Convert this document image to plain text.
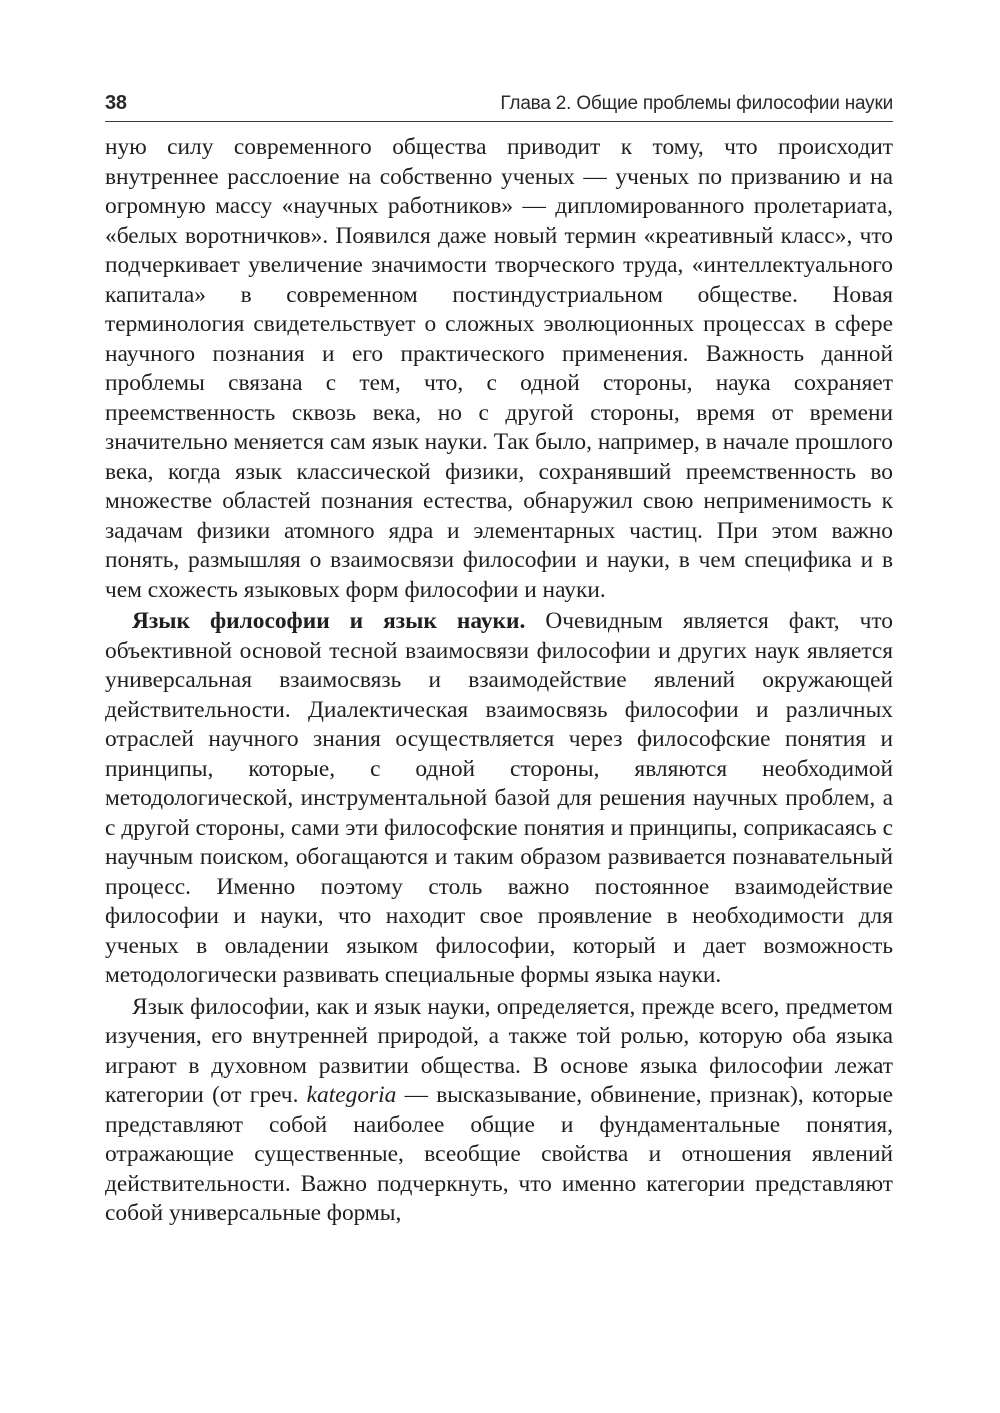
38	Глава 2. Общие проблемы философии науки

ную силу современного общества приводит к тому, что происходит внутреннее расслоение на собственно ученых — ученых по призванию и на огромную массу «научных работников» — дипломированного пролетариата, «белых воротничков». Появился даже новый термин «креативный класс», что подчеркивает увеличение значимости творческого труда, «интеллектуального капитала» в современном постиндустриальном обществе. Новая терминология свидетельствует о сложных эволюционных процессах в сфере научного познания и его практического применения. Важность данной проблемы связана с тем, что, с одной стороны, наука сохраняет преемственность сквозь века, но с другой стороны, время от времени значительно меняется сам язык науки. Так было, например, в начале прошлого века, когда язык классической физики, сохранявший преемственность во множестве областей познания естества, обнаружил свою неприменимость к задачам физики атомного ядра и элементарных частиц. При этом важно понять, размышляя о взаимосвязи философии и науки, в чем специфика и в чем схожесть языковых форм философии и науки.

Язык философии и язык науки. Очевидным является факт, что объективной основой тесной взаимосвязи философии и других наук является универсальная взаимосвязь и взаимодействие явлений окружающей действительности. Диалектическая взаимосвязь философии и различных отраслей научного знания осуществляется через философские понятия и принципы, которые, с одной стороны, являются необходимой методологической, инструментальной базой для решения научных проблем, а с другой стороны, сами эти философские понятия и принципы, соприкасаясь с научным поиском, обогащаются и таким образом развивается познавательный процесс. Именно поэтому столь важно постоянное взаимодействие философии и науки, что находит свое проявление в необходимости для ученых в овладении языком философии, который и дает возможность методологически развивать специальные формы языка науки.

Язык философии, как и язык науки, определяется, прежде всего, предметом изучения, его внутренней природой, а также той ролью, которую оба языка играют в духовном развитии общества. В основе языка философии лежат категории (от греч. kategoria — высказывание, обвинение, признак), которые представляют собой наиболее общие и фундаментальные понятия, отражающие существенные, всеобщие свойства и отношения явлений действительности. Важно подчеркнуть, что именно категории представляют собой универсальные формы,
